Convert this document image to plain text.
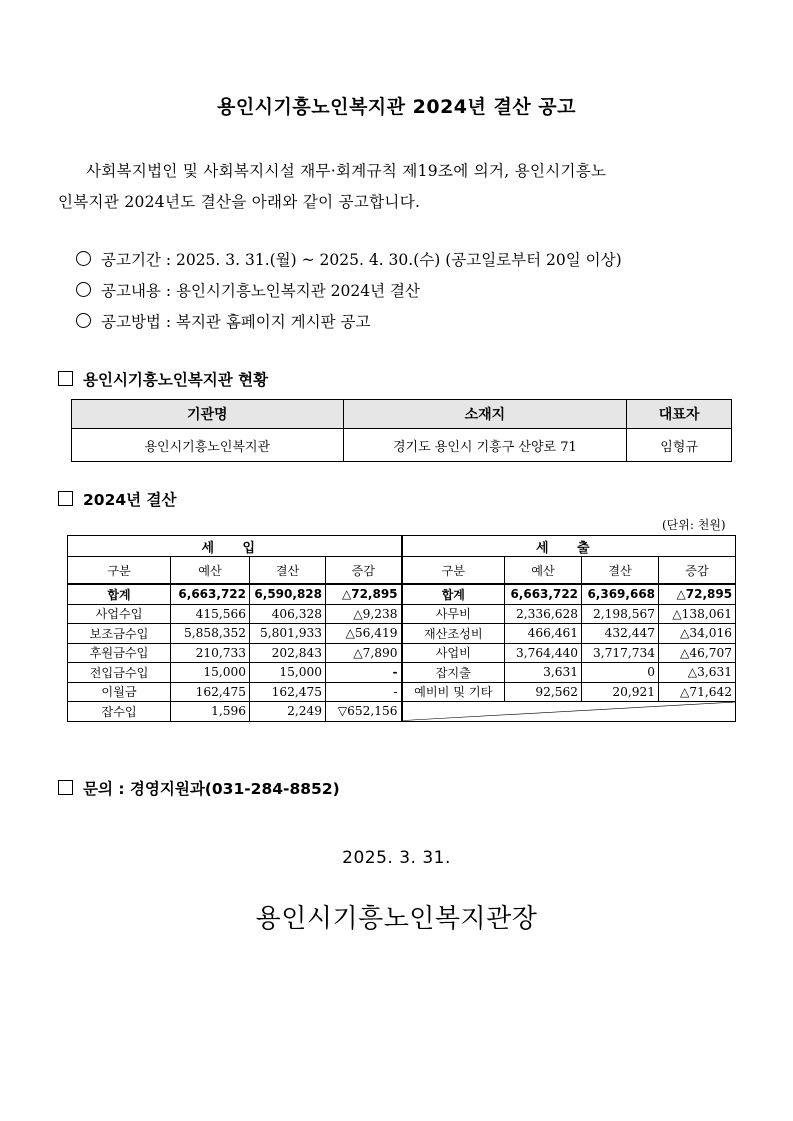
용인시기흥노인복지관 2024년 결산 공고
사회복지법인 및 사회복지시설 재무·회계규칙 제19조에 의거, 용인시기흥노
인복지관 2024년도 결산을 아래와 같이 공고합니다.
공고기간 : 2025. 3. 31.(월) ~ 2025. 4. 30.(수) (공고일로부터 20일 이상)
공고내용 : 용인시기흥노인복지관 2024년 결산
공고방법 : 복지관 홈페이지 게시판 공고
용인시기흥노인복지관 현황
기관명	소재지	대표자
용인시기흥노인복지관	경기도 용인시 기흥구 산양로 71	임형규
2024년 결산
(단위: 천원)
세 입				세 출			
구분	예산	결산	증감	구분	예산	결산	증감
합계	6,663,722	6,590,828	△72,895	합계	6,663,722	6,369,668	△72,895
사업수입	415,566	406,328	△9,238	사무비	2,336,628	2,198,567	△138,061
보조금수입	5,858,352	5,801,933	△56,419	재산조성비	466,461	432,447	△34,016
후원금수입	210,733	202,843	△7,890	사업비	3,764,440	3,717,734	△46,707
전입금수입	15,000	15,000	-	잡지출	3,631	0	△3,631
이월금	162,475	162,475	-	예비비 및 기타	92,562	20,921	△71,642
잡수입	1,596	2,249	▽652,156	
문의 : 경영지원과(031-284-8852)
2025. 3. 31.
용인시기흥노인복지관장
